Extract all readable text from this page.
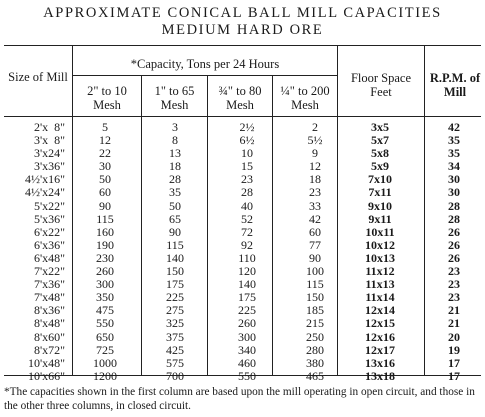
APPROXIMATE CONICAL BALL MILL CAPACITIES
MEDIUM HARD ORE
Size of Mill
*Capacity, Tons per 24 Hours
2" to 10 Mesh
1" to 65 Mesh
¾" to 80 Mesh
¼" to 200 Mesh
Floor Space Feet
R.P.M. of Mill
2'x  8"
3'x  8"
3'x24"
3'x36"
4½'x16"
4½'x24"
5'x22"
5'x36"
6'x22"
6'x36"
6'x48"
7'x22"
7'x36"
7'x48"
8'x36"
8'x48"
8'x60"
8'x72"
10'x48"
10'x66"
5
12
22
30
50
60
90
115
160
190
230
260
300
350
475
550
650
725
1000
1200
3
8
13
18
28
35
50
65
90
115
140
150
175
225
275
325
375
425
575
700
2½
6½
10
15
23
28
40
52
72
92
110
120
140
175
225
260
300
340
460
550
2
5½
9
12
18
23
33
42
60
77
90
100
115
150
185
215
250
280
380
465
3x5
5x7
5x8
5x9
7x10
7x11
9x10
9x11
10x11
10x12
10x13
11x12
11x13
11x14
12x14
12x15
12x16
12x17
13x16
13x18
42
35
35
34
30
30
28
28
26
26
26
23
23
23
21
21
20
19
17
17
*The capacities shown in the first column are based upon the mill operating in open circuit, and those in the other three columns, in closed circuit.
